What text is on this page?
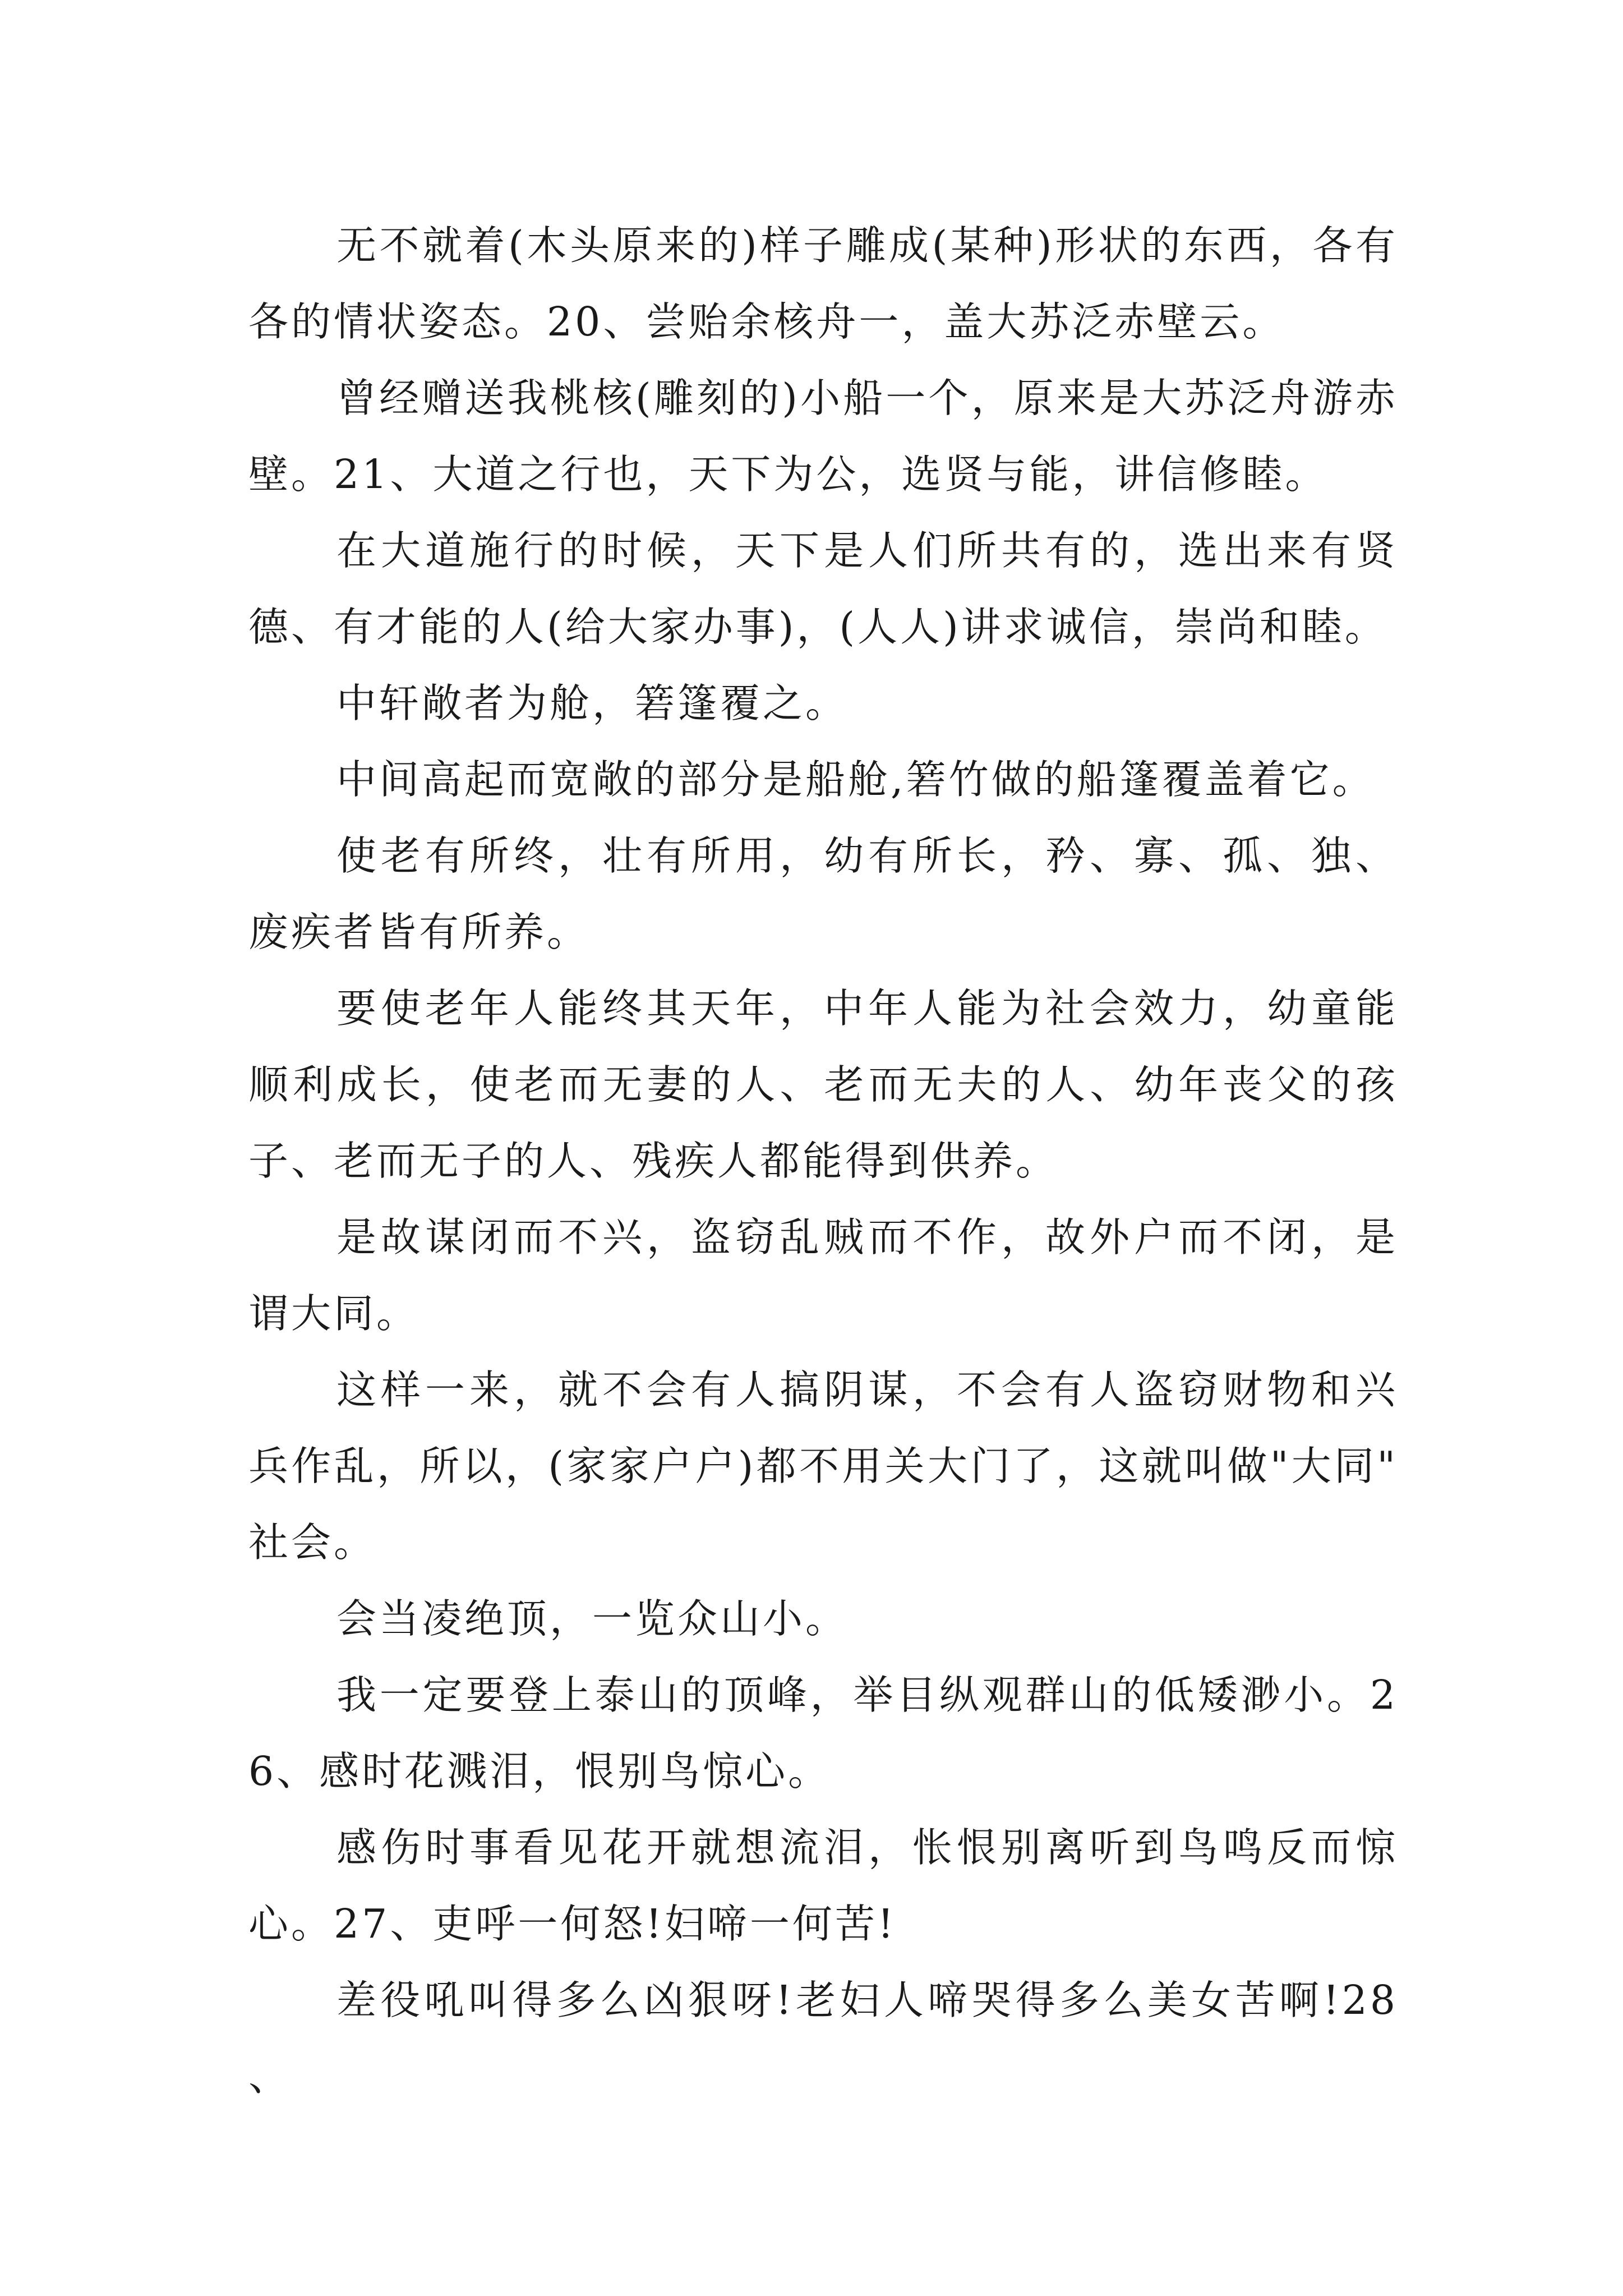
无不就着(木头原来的)样子雕成(某种)形状的东西，各有各的情状姿态。20、尝贻余核舟一，盖大苏泛赤壁云。

曾经赠送我桃核(雕刻的)小船一个，原来是大苏泛舟游赤壁。21、大道之行也，天下为公，选贤与能，讲信修睦。

在大道施行的时候，天下是人们所共有的，选出来有贤德、有才能的人(给大家办事)，(人人)讲求诚信，崇尚和睦。

中轩敞者为舱，箬篷覆之。

中间高起而宽敞的部分是船舱,箬竹做的船篷覆盖着它。

使老有所终，壮有所用，幼有所长，矜、寡、孤、独、废疾者皆有所养。

要使老年人能终其天年，中年人能为社会效力，幼童能顺利成长，使老而无妻的人、老而无夫的人、幼年丧父的孩子、老而无子的人、残疾人都能得到供养。

是故谋闭而不兴，盗窃乱贼而不作，故外户而不闭，是谓大同。

这样一来，就不会有人搞阴谋，不会有人盗窃财物和兴兵作乱，所以，(家家户户)都不用关大门了，这就叫做"大同"社会。

会当凌绝顶，一览众山小。

我一定要登上泰山的顶峰，举目纵观群山的低矮渺小。26、感时花溅泪，恨别鸟惊心。

感伤时事看见花开就想流泪，怅恨别离听到鸟鸣反而惊心。27、吏呼一何怒!妇啼一何苦!

差役吼叫得多么凶狠呀!老妇人啼哭得多么美女苦啊!28、
